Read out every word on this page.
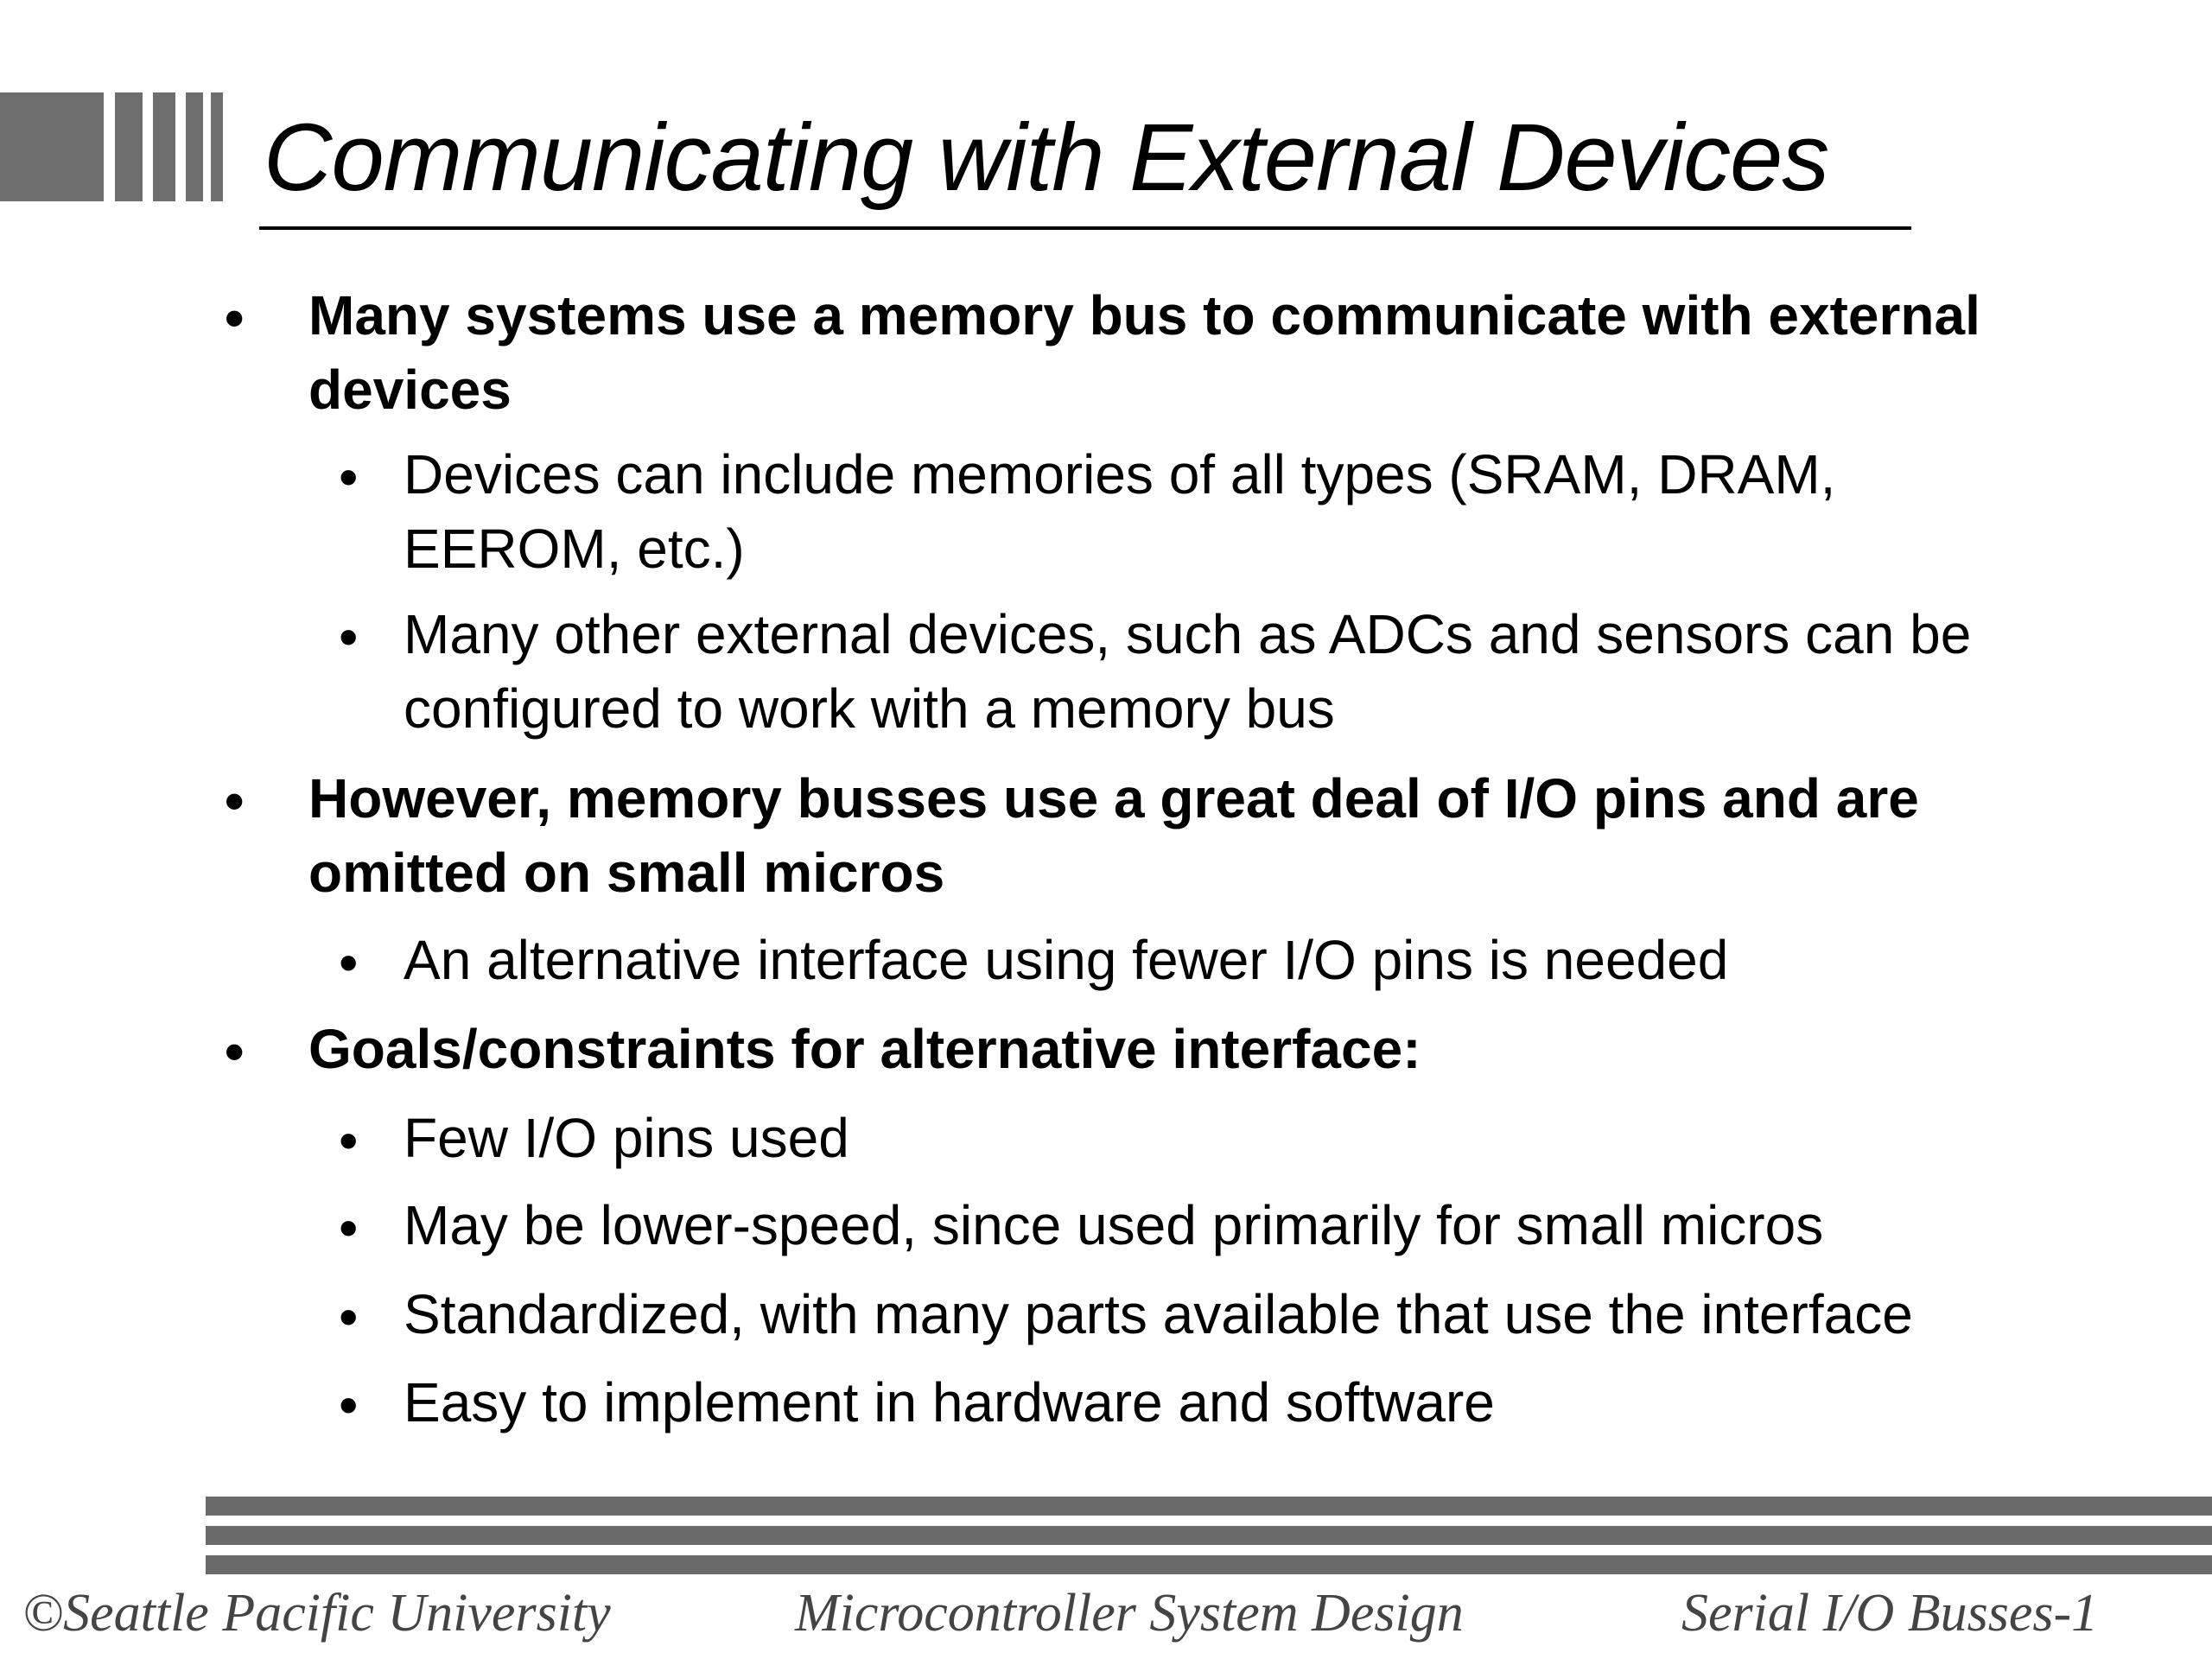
Communicating with External Devices
• Many systems use a memory bus to communicate with external
devices
• Devices can include memories of all types (SRAM, DRAM,
EEROM, etc.)
• Many other external devices, such as ADCs and sensors can be
configured to work with a memory bus
• However, memory busses use a great deal of I/O pins and are
omitted on small micros
• An alternative interface using fewer I/O pins is needed
• Goals/constraints for alternative interface:
• Few I/O pins used
• May be lower-speed, since used primarily for small micros
• Standardized, with many parts available that use the interface
• Easy to implement in hardware and software
©Seattle Pacific University	Microcontroller System Design	Serial I/O Busses-1
